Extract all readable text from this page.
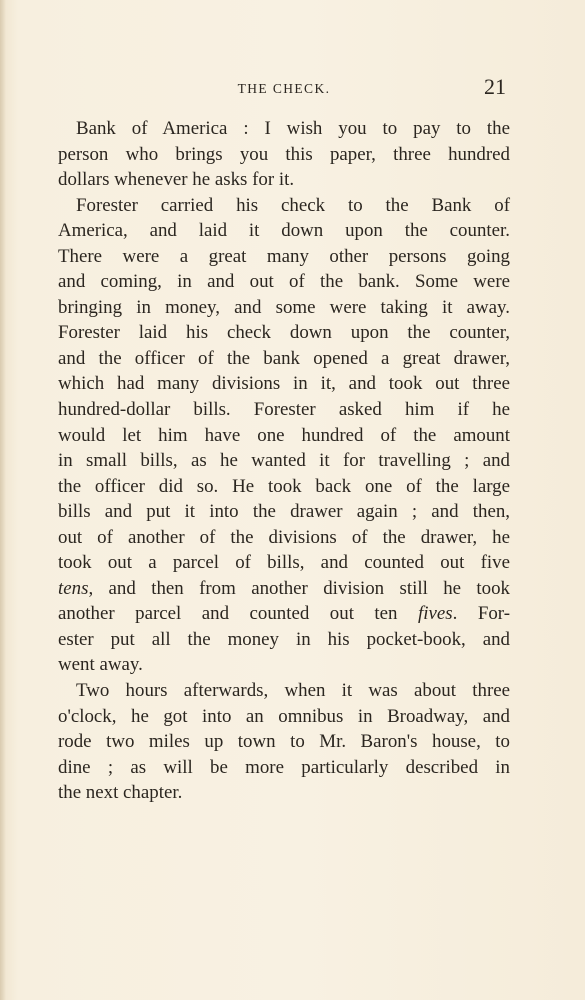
THE CHECK.	21
Bank of America : I wish you to pay to the
person who brings you this paper, three hundred
dollars whenever he asks for it.
Forester carried his check to the Bank of
America, and laid it down upon the counter.
There were a great many other persons going
and coming, in and out of the bank. Some were
bringing in money, and some were taking it away.
Forester laid his check down upon the counter,
and the officer of the bank opened a great drawer,
which had many divisions in it, and took out three
hundred-dollar bills. Forester asked him if he
would let him have one hundred of the amount
in small bills, as he wanted it for travelling ; and
the officer did so. He took back one of the large
bills and put it into the drawer again ; and then,
out of another of the divisions of the drawer, he
took out a parcel of bills, and counted out five
tens, and then from another division still he took
another parcel and counted out ten fives. For-
ester put all the money in his pocket-book, and
went away.
Two hours afterwards, when it was about three
o'clock, he got into an omnibus in Broadway, and
rode two miles up town to Mr. Baron's house, to
dine ; as will be more particularly described in
the next chapter.
